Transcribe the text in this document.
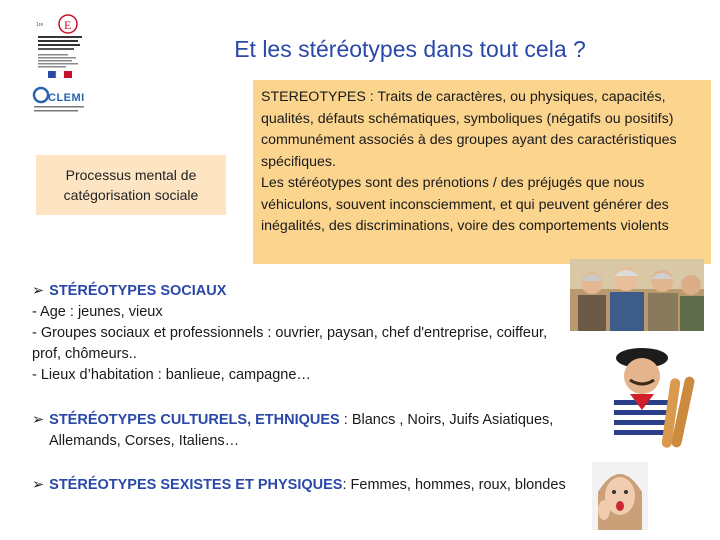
E
1re
CLEMI
Et les stéréotypes dans tout cela ?
Processus mental de catégorisation sociale
STEREOTYPES : Traits de caractères, ou physiques, capacités, qualités, défauts schématiques, symboliques (négatifs ou positifs) communément associés à des groupes ayant des caractéristiques spécifiques.
Les stéréotypes sont des prénotions / des préjugés que nous véhiculons, souvent inconsciemment, et qui peuvent générer des inégalités, des discriminations, voire des comportements violents
➢ STÉRÉOTYPES SOCIAUX
- Age : jeunes, vieux
- Groupes sociaux et professionnels : ouvrier, paysan, chef d'entreprise, coiffeur, prof, chômeurs..
- Lieux d’habitation : banlieue, campagne…
➢ STÉRÉOTYPES CULTURELS, ETHNIQUES : Blancs , Noirs, Juifs Asiatiques,
Allemands, Corses, Italiens…
➢ STÉRÉOTYPES SEXISTES ET PHYSIQUES: Femmes, hommes, roux, blondes
